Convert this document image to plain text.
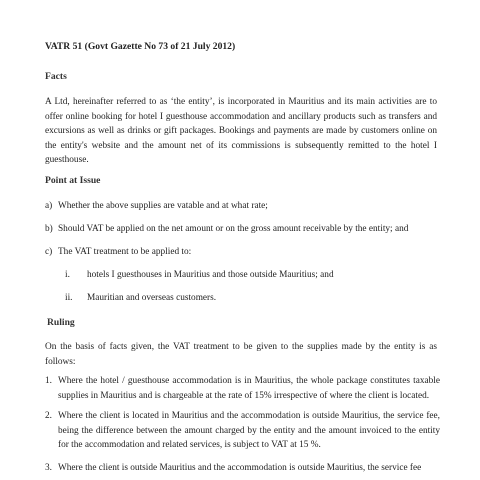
VATR 51 (Govt Gazette No 73 of 21 July 2012)
Facts
A Ltd, hereinafter referred to as ‘the entity’, is incorporated in Mauritius and its main activities are to offer online booking for hotel I guesthouse accommodation and ancillary products such as transfers and excursions as well as drinks or gift packages. Bookings and payments are made by customers online on the entity's website and the amount net of its commissions is subsequently remitted to the hotel I guesthouse.
Point at Issue
a) Whether the above supplies are vatable and at what rate;
b) Should VAT be applied on the net amount or on the gross amount receivable by the entity; and
c) The VAT treatment to be applied to:
i. hotels I guesthouses in Mauritius and those outside Mauritius; and
ii. Mauritian and overseas customers.
Ruling
On the basis of facts given, the VAT treatment to be given to the supplies made by the entity is as follows:
1. Where the hotel / guesthouse accommodation is in Mauritius, the whole package constitutes taxable supplies in Mauritius and is chargeable at the rate of 15% irrespective of where the client is located.
2. Where the client is located in Mauritius and the accommodation is outside Mauritius, the service fee, being the difference between the amount charged by the entity and the amount invoiced to the entity for the accommodation and related services, is subject to VAT at 15 %.
3. Where the client is outside Mauritius and the accommodation is outside Mauritius, the service fee
